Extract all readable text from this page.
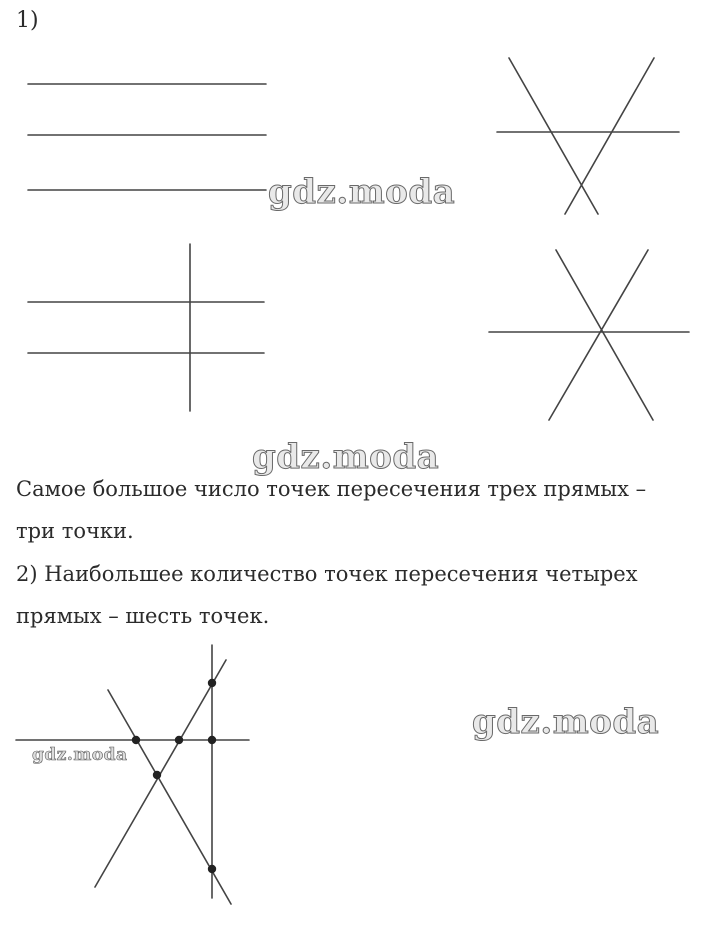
1)
gdz.moda
gdz.moda
gdz.moda
gdz.moda
Самое большое число точек пересечения трех прямых –
три точки.
2) Наибольшее количество точек пересечения четырех
прямых – шесть точек.
